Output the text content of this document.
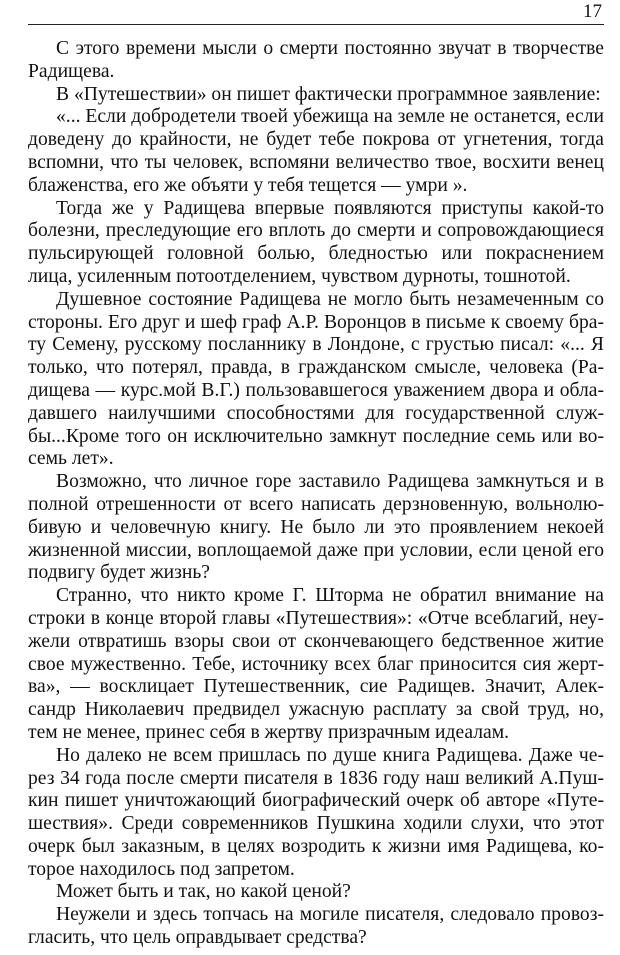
17

С этого времени мысли о смерти постоянно звучат в творчестве
Радищева.

В «Путешествии» он пишет фактически программное заявление:

«... Если добродетели твоей убежища на земле не останется, если
доведену до крайности, не будет тебе покрова от угнетения, тогда
вспомни, что ты человек, вспомяни величество твое, восхити венец
блаженства, его же объяти у тебя тещется — умри ».

Тогда же у Радищева впервые появляются приступы какой-то
болезни, преследующие его вплоть до смерти и сопровождающиеся
пульсирующей головной болью, бледностью или покраснением
лица, усиленным потоотделением, чувством дурноты, тошнотой.

Душевное состояние Радищева не могло быть незамеченным со
стороны. Его друг и шеф граф А.Р. Воронцов в письме к своему бра-
ту Семену, русскому посланнику в Лондоне, с грустью писал: «... Я
только, что потерял, правда, в гражданском смысле, человека (Ра-
дищева — курс.мой В.Г.) пользовавшегося уважением двора и обла-
давшего наилучшими способностями для государственной служ-
бы...Кроме того он исключительно замкнут последние семь или во-
семь лет».

Возможно, что личное горе заставило Радищева замкнуться и в
полной отрешенности от всего написать дерзновенную, вольнолю-
бивую и человечную книгу. Не было ли это проявлением некоей
жизненной миссии, воплощаемой даже при условии, если ценой его
подвигу будет жизнь?

Странно, что никто кроме Г. Шторма не обратил внимание на
строки в конце второй главы «Путешествия»: «Отче всеблагий, неу-
жели отвратишь взоры свои от скончевающего бедственное житие
свое мужественно. Тебе, источнику всех благ приносится сия жерт-
ва», — восклицает Путешественник, сие Радищев. Значит, Алек-
сандр Николаевич предвидел ужасную расплату за свой труд, но,
тем не менее, принес себя в жертву призрачным идеалам.

Но далеко не всем пришлась по душе книга Радищева. Даже че-
рез 34 года после смерти писателя в 1836 году наш великий А.Пуш-
кин пишет уничтожающий биографический очерк об авторе «Путе-
шествия». Среди современников Пушкина ходили слухи, что этот
очерк был заказным, в целях возродить к жизни имя Радищева, ко-
торое находилось под запретом.

Может быть и так, но какой ценой?

Неужели и здесь топчась на могиле писателя, следовало провоз-
гласить, что цель оправдывает средства?
